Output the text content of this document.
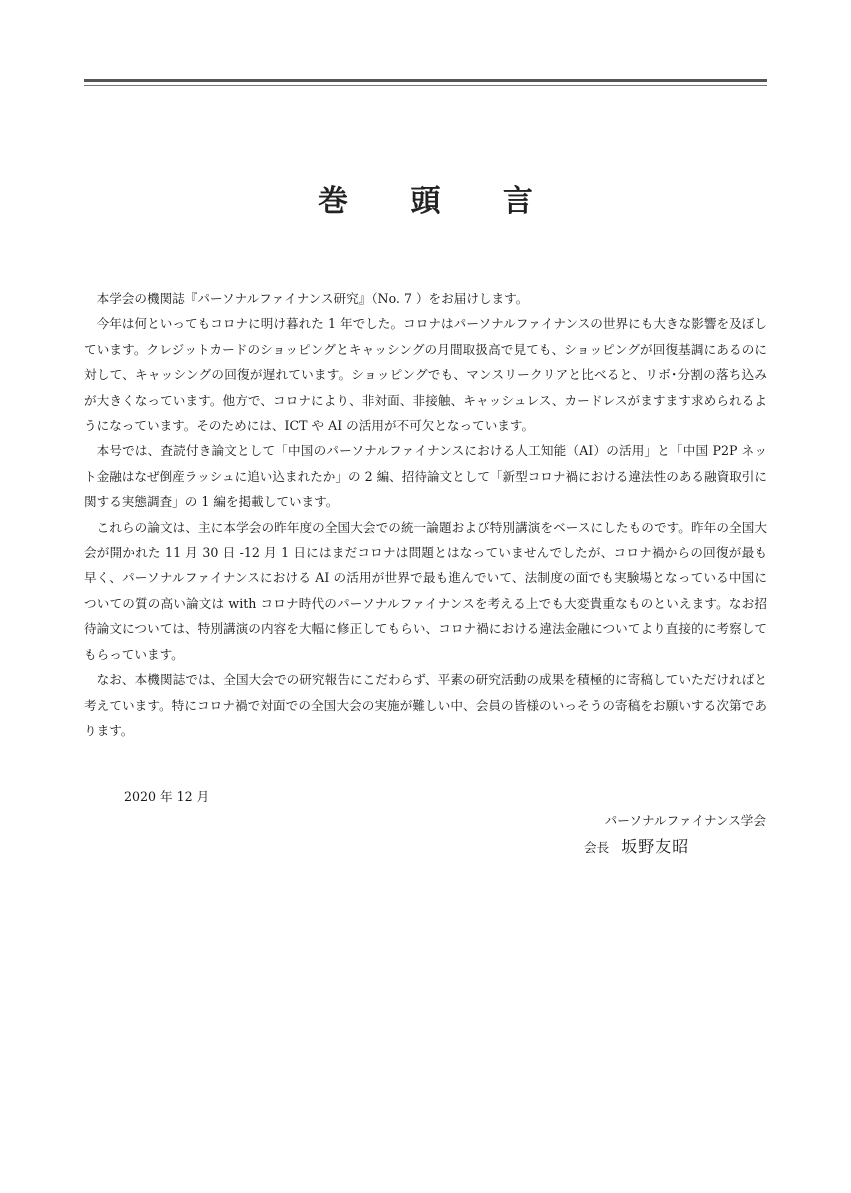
巻 頭 言

本学会の機関誌『パーソナルファイナンス研究』（No. 7 ）をお届けします。

今年は何といってもコロナに明け暮れた 1 年でした。コロナはパーソナルファイナンスの世界にも大きな影響を及ぼしています。クレジットカードのショッピングとキャッシングの月間取扱高で見ても、ショッピングが回復基調にあるのに対して、キャッシングの回復が遅れています。ショッピングでも、マンスリークリアと比べると、リボ･分割の落ち込みが大きくなっています。他方で、コロナにより、非対面、非接触、キャッシュレス、カードレスがますます求められるようになっています。そのためには、ICT や AI の活用が不可欠となっています。

本号では、査読付き論文として「中国のパーソナルファイナンスにおける人工知能（AI）の活用」と「中国 P2P ネット金融はなぜ倒産ラッシュに追い込まれたか」の 2 編、招待論文として「新型コロナ禍における違法性のある融資取引に関する実態調査」の 1 編を掲載しています。

これらの論文は、主に本学会の昨年度の全国大会での統一論題および特別講演をベースにしたものです。昨年の全国大会が開かれた 11 月 30 日 -12 月 1 日にはまだコロナは問題とはなっていませんでしたが、コロナ禍からの回復が最も早く、パーソナルファイナンスにおける AI の活用が世界で最も進んでいて、法制度の面でも実験場となっている中国についての質の高い論文は with コロナ時代のパーソナルファイナンスを考える上でも大変貴重なものといえます。なお招待論文については、特別講演の内容を大幅に修正してもらい、コロナ禍における違法金融についてより直接的に考察してもらっています。

なお、本機関誌では、全国大会での研究報告にこだわらず、平素の研究活動の成果を積極的に寄稿していただければと考えています。特にコロナ禍で対面での全国大会の実施が難しい中、会員の皆様のいっそうの寄稿をお願いする次第であります。

2020 年 12 月
パーソナルファイナンス学会
会長 坂野友昭
